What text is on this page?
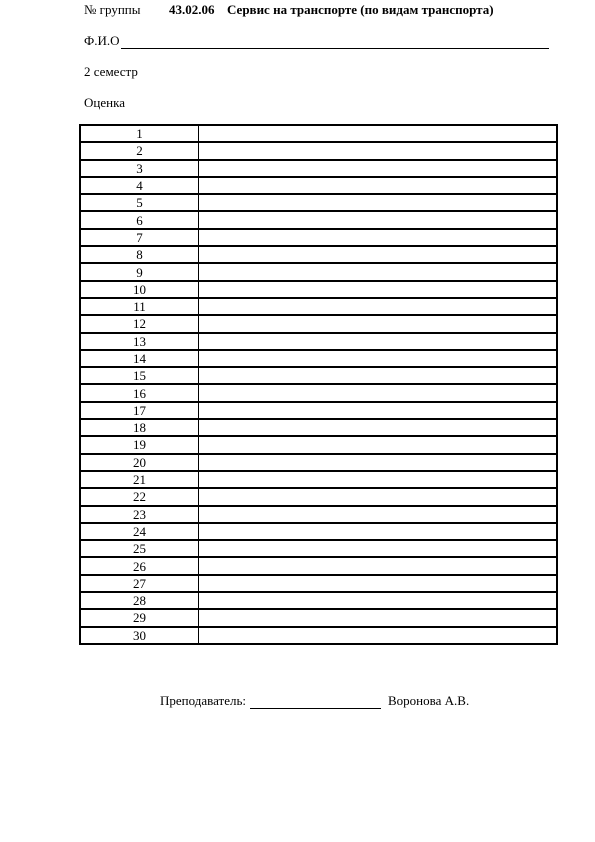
№ группы 43.02.06 Сервис на транспорте (по видам транспорта)
Ф.И.О
2 семестр
Оценка
1	
2	
3	
4	
5	
6	
7	
8	
9	
10	
11	
12	
13	
14	
15	
16	
17	
18	
19	
20	
21	
22	
23	
24	
25	
26	
27	
28	
29	
30	
Преподаватель:	Воронова А.В.
